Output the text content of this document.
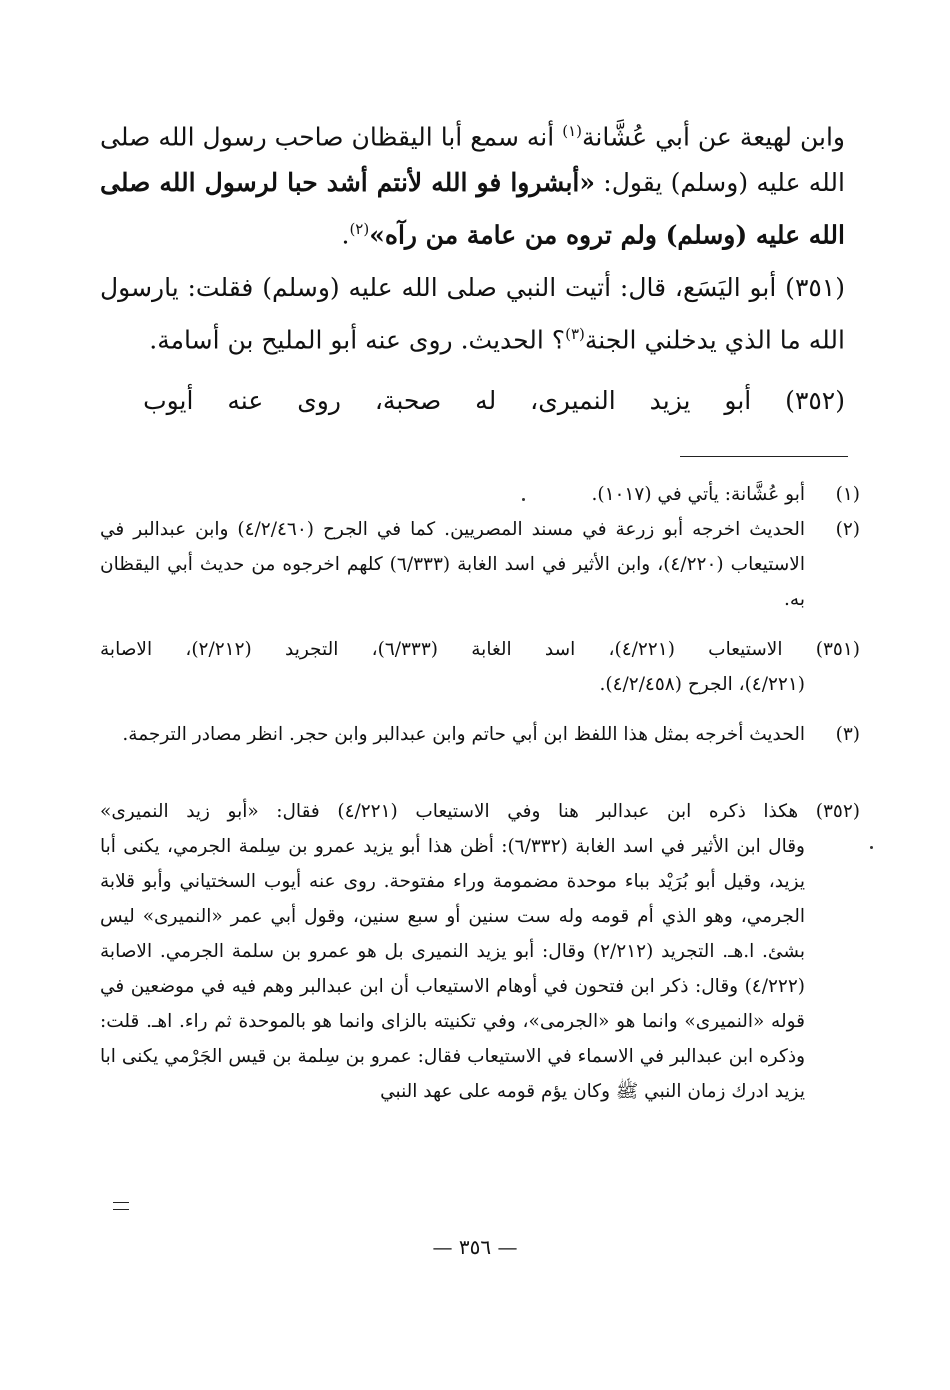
وابن لهيعة عن أبي عُشَّانة$^{(١)}$ أنه سمع أبا اليقظان صاحب رسول الله صلى الله عليه (وسلم) يقول: «أبشروا فو الله لأنتم أشد حبا لرسول الله صلى الله عليه (وسلم) ولم تروه من عامة من رآه»$^{(٢)}$.
(٣٥١) أبو اليَسَع، قال: أتيت النبي صلى الله عليه (وسلم) فقلت: يارسول الله ما الذي يدخلني الجنة$^{(٣)}$؟ الحديث. روى عنه أبو المليح بن أسامة.
(٣٥٢) أبو يزيد النميرى، له صحبة، روى عنه أيوب
(١)
أبو عُشَّانة: يأتي في (١٠١٧).
(٢)
الحديث اخرجه أبو زرعة في مسند المصريين. كما في الجرح (٤/٢/٤٦٠) وابن عبدالبر في الاستيعاب (٤/٢٢٠)، وابن الأثير في اسد الغابة (٦/٣٣٣) كلهم اخرجوه من حديث أبي اليقظان به.
(٣٥١) الاستيعاب (٤/٢٢١)، اسد الغابة (٦/٣٣٣)، التجريد (٢/٢١٢)، الاصابة
(٤/٢٢١)، الجرح (٤/٢/٤٥٨).
(٣)
الحديث أخرجه بمثل هذا اللفظ ابن أبي حاتم وابن عبدالبر وابن حجر. انظر مصادر الترجمة.
(٣٥٢) هكذا ذكره ابن عبدالبر هنا وفي الاستيعاب (٤/٢٢١) فقال: «أبو زيد النميرى»
وقال ابن الأثير في اسد الغابة (٦/٣٣٢): أظن هذا أبو يزيد عمرو بن سِلمة الجرمي، يكنى أبا يزيد، وقيل أبو بُرَيْد بباء موحدة مضمومة وراء مفتوحة. روى عنه أيوب السختياني وأبو قلابة الجرمي، وهو الذي أم قومه وله ست سنين أو سبع سنين، وقول أبي عمر «النميرى» ليس بشئ. ا.هـ. التجريد (٢/٢١٢) وقال: أبو يزيد النميرى بل هو عمرو بن سلمة الجرمي. الاصابة (٤/٢٢٢) وقال: ذكر ابن فتحون في أوهام الاستيعاب أن ابن عبدالبر وهم فيه في موضعين في قوله «النميرى» وانما هو «الجرمى»، وفي تكنيته بالزاى وانما هو بالموحدة ثم راء. اهـ. قلت: وذكره ابن عبدالبر في الاسماء في الاستيعاب فقال: عمرو بن سِلمة بن قيس الجَرْمي يكنى ابا يزيد ادرك زمان النبي ﷺ وكان يؤم قومه على عهد النبي
— ٣٥٦ —
